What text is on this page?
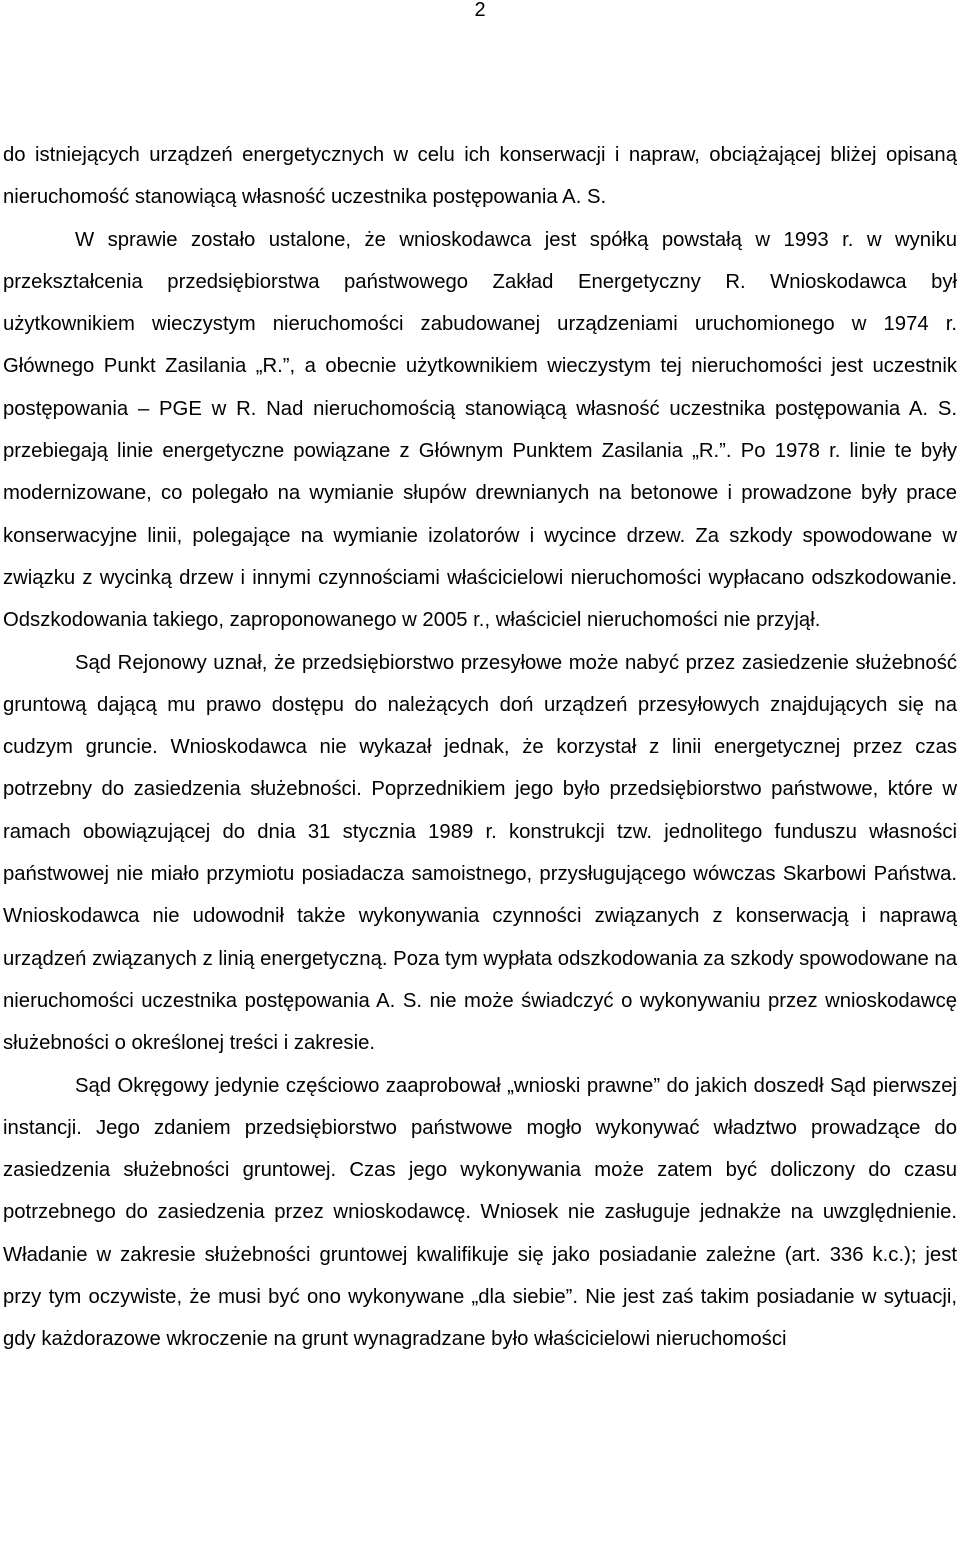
2

do istniejących urządzeń energetycznych w celu ich konserwacji i napraw, obciążającej bliżej opisaną nieruchomość stanowiącą własność uczestnika postępowania A. S.

W sprawie zostało ustalone, że wnioskodawca jest spółką powstałą w 1993 r. w wyniku przekształcenia przedsiębiorstwa państwowego Zakład Energetyczny R. Wnioskodawca był użytkownikiem wieczystym nieruchomości zabudowanej urządzeniami uruchomionego w 1974 r. Głównego Punkt Zasilania „R.”, a obecnie użytkownikiem wieczystym tej nieruchomości jest uczestnik postępowania – PGE w R. Nad nieruchomością stanowiącą własność uczestnika postępowania A. S. przebiegają linie energetyczne powiązane z Głównym Punktem Zasilania „R.”. Po 1978 r. linie te były modernizowane, co polegało na wymianie słupów drewnianych na betonowe i prowadzone były prace konserwacyjne linii, polegające na wymianie izolatorów i wycince drzew. Za szkody spowodowane w związku z wycinką drzew i innymi czynnościami właścicielowi nieruchomości wypłacano odszkodowanie. Odszkodowania takiego, zaproponowanego w 2005 r., właściciel nieruchomości nie przyjął.

Sąd Rejonowy uznał, że przedsiębiorstwo przesyłowe może nabyć przez zasiedzenie służebność gruntową dającą mu prawo dostępu do należących doń urządzeń przesyłowych znajdujących się na cudzym gruncie. Wnioskodawca nie wykazał jednak, że korzystał z linii energetycznej przez czas potrzebny do zasiedzenia służebności. Poprzednikiem jego było przedsiębiorstwo państwowe, które w ramach obowiązującej do dnia 31 stycznia 1989 r. konstrukcji tzw. jednolitego funduszu własności państwowej nie miało przymiotu posiadacza samoistnego, przysługującego wówczas Skarbowi Państwa. Wnioskodawca nie udowodnił także wykonywania czynności związanych z konserwacją i naprawą urządzeń związanych z linią energetyczną. Poza tym wypłata odszkodowania za szkody spowodowane na nieruchomości uczestnika postępowania A. S. nie może świadczyć o wykonywaniu przez wnioskodawcę służebności o określonej treści i zakresie.

Sąd Okręgowy jedynie częściowo zaaprobował „wnioski prawne” do jakich doszedł Sąd pierwszej instancji. Jego zdaniem przedsiębiorstwo państwowe mogło wykonywać władztwo prowadzące do zasiedzenia służebności gruntowej. Czas jego wykonywania może zatem być doliczony do czasu potrzebnego do zasiedzenia przez wnioskodawcę. Wniosek nie zasługuje jednakże na uwzględnienie. Władanie w zakresie służebności gruntowej kwalifikuje się jako posiadanie zależne (art. 336 k.c.); jest przy tym oczywiste, że musi być ono wykonywane „dla siebie”. Nie jest zaś takim posiadanie w sytuacji, gdy każdorazowe wkroczenie na grunt wynagradzane było właścicielowi nieruchomości
